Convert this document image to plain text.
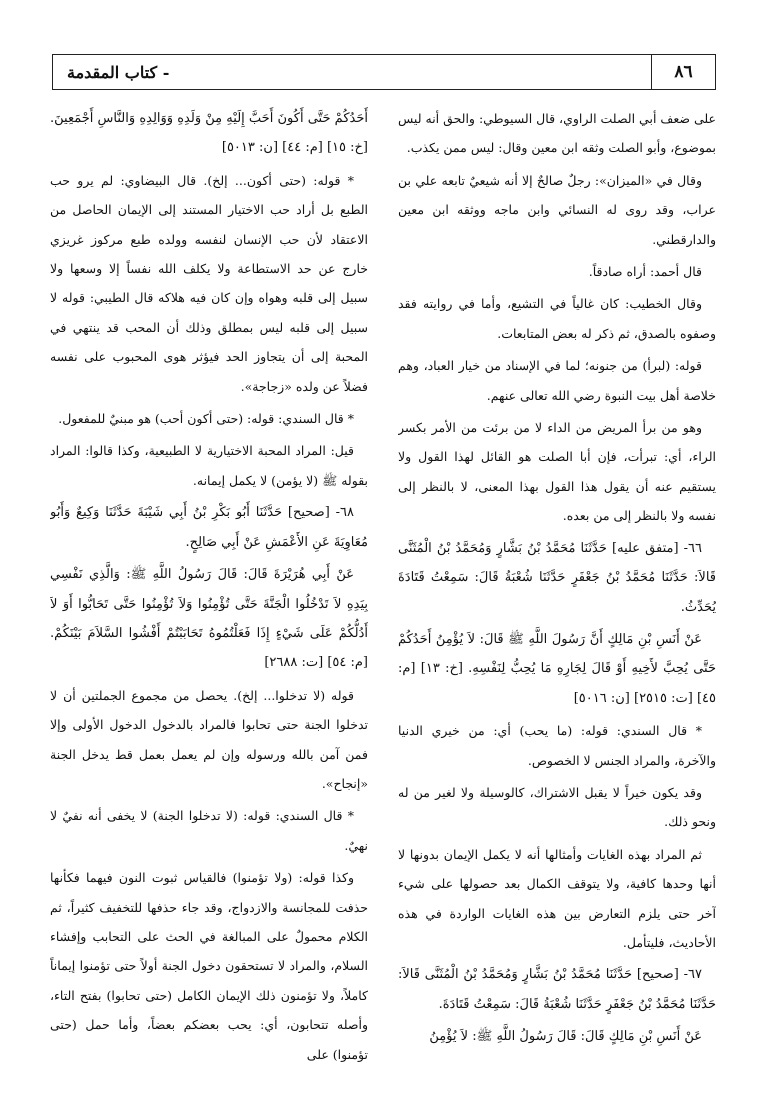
٨٦
- كتاب المقدمة

على ضعف أبي الصلت الراوي، قال السيوطي: والحق أنه ليس بموضوع، وأبو الصلت وثقه ابن معين وقال: ليس ممن يكذب.

وقال في «الميزان»: رجلٌ صالحٌ إلا أنه شيعيٌ تابعه علي بن عراب، وقد روى له النسائي وابن ماجه ووثقه ابن معين والدارقطني.

قال أحمد: أراه صادقاً.

وقال الخطيب: كان غالياً في التشيع، وأما في روايته فقد وصفوه بالصدق، ثم ذكر له بعض المتابعات.

قوله: (لبرأ) من جنونه؛ لما في الإسناد من خيار العباد، وهم خلاصة أهل بيت النبوة رضي الله تعالى عنهم.

وهو من برأ المريض من الداء لا من برئت من الأمر بكسر الراء، أي: تبرأت، فإن أبا الصلت هو القائل لهذا القول ولا يستقيم عنه أن يقول هذا القول بهذا المعنى، لا بالنظر إلى نفسه ولا بالنظر إلى من بعده.

٦٦- [متفق عليه] حَدَّثَنَا مُحَمَّدُ بْنُ بَشَّارٍ وَمُحَمَّدُ بْنُ الْمُثَنَّى قَالاَ: حَدَّثَنَا مُحَمَّدُ بْنُ جَعْفَرٍ حَدَّثَنَا شُعْبَةُ قَالَ: سَمِعْتُ قَتَادَةَ يُحَدِّثُ.

عَنْ أَنَسِ بْنِ مَالِكٍ أَنَّ رَسُولَ اللَّهِ ﷺ قَالَ: لاَ يُؤْمِنُ أَحَدُكُمْ حَتَّى يُحِبَّ لأَخِيهِ أَوْ قَالَ لِجَارِهِ مَا يُحِبُّ لِنَفْسِهِ. [خ: ١٣] [م: ٤٥] [ت: ٢٥١٥] [ن: ٥٠١٦]

* قال السندي: قوله: (ما يحب) أي: من خيري الدنيا والآخرة، والمراد الجنس لا الخصوص.

وقد يكون خيراً لا يقبل الاشتراك، كالوسيلة ولا لغير من له ونحو ذلك.

ثم المراد بهذه الغايات وأمثالها أنه لا يكمل الإيمان بدونها لا أنها وحدها كافية، ولا يتوقف الكمال بعد حصولها على شيء آخر حتى يلزم التعارض بين هذه الغايات الواردة في هذه الأحاديث، فليتأمل.

٦٧- [صحيح] حَدَّثَنَا مُحَمَّدُ بْنُ بَشَّارٍ وَمُحَمَّدُ بْنُ الْمُثَنَّى قَالاَ: حَدَّثَنَا مُحَمَّدُ بْنُ جَعْفَرٍ حَدَّثَنَا شُعْبَةُ قَالَ: سَمِعْتُ قَتَادَةَ.

عَنْ أَنَسِ بْنِ مَالِكٍ قَالَ: قَالَ رَسُولُ اللَّهِ ﷺ: لاَ يُؤْمِنُ

أَحَدُكُمْ حَتَّى أَكُونَ أَحَبَّ إِلَيْهِ مِنْ وَلَدِهِ وَوَالِدِهِ وَالنَّاسِ أَجْمَعِينَ. [خ: ١٥] [م: ٤٤] [ن: ٥٠١٣]

* قوله: (حتى أكون... إلخ). قال البيضاوي: لم يرو حب الطبع بل أراد حب الاختيار المستند إلى الإيمان الحاصل من الاعتقاد لأن حب الإنسان لنفسه وولده طبع مركوز غريزي خارج عن حد الاستطاعة ولا يكلف الله نفساً إلا وسعها ولا سبيل إلى قلبه وهواه وإن كان فيه هلاكه قال الطيبي: قوله لا سبيل إلى قلبه ليس بمطلق وذلك أن المحب قد ينتهي في المحبة إلى أن يتجاوز الحد فيؤثر هوى المحبوب على نفسه فضلاً عن ولده «زجاجة».

* قال السندي: قوله: (حتى أكون أحب) هو مبنيٌ للمفعول.

قيل: المراد المحبة الاختيارية لا الطبيعية، وكذا قالوا: المراد بقوله ﷺ (لا يؤمن) لا يكمل إيمانه.

٦٨- [صحيح] حَدَّثَنَا أَبُو بَكْرِ بْنُ أَبِي شَيْبَةَ حَدَّثَنَا وَكِيعٌ وَأَبُو مُعَاوِيَةَ عَنِ الأَعْمَشِ عَنْ أَبِي صَالِحٍ.

عَنْ أَبِي هُرَيْرَةَ قَالَ: قَالَ رَسُولُ اللَّهِ ﷺ: وَالَّذِي نَفْسِي بِيَدِهِ لاَ تَدْخُلُوا الْجَنَّةَ حَتَّى تُؤْمِنُوا وَلاَ تُؤْمِنُوا حَتَّى تَحَابُّوا أَوَ لاَ أَدُلُّكُمْ عَلَى شَيْءٍ إِذَا فَعَلْتُمُوهُ تَحَابَبْتُمْ أَفْشُوا السَّلاَمَ بَيْنَكُمْ. [م: ٥٤] [ت: ٢٦٨٨]

قوله (لا تدخلوا... إلخ). يحصل من مجموع الجملتين أن لا تدخلوا الجنة حتى تحابوا فالمراد بالدخول الدخول الأولى وإلا فمن آمن بالله ورسوله وإن لم يعمل بعمل قط يدخل الجنة «إنجاح».

* قال السندي: قوله: (لا تدخلوا الجنة) لا يخفى أنه نفيٌ لا نهيٌ.

وكذا قوله: (ولا تؤمنوا) فالقياس ثبوت النون فيهما فكأنها حذفت للمجانسة والازدواج، وقد جاء حذفها للتخفيف كثيراً، ثم الكلام محمولٌ على المبالغة في الحث على التحابب وإفشاء السلام، والمراد لا تستحقون دخول الجنة أولاً حتى تؤمنوا إيماناً كاملاً، ولا تؤمنون ذلك الإيمان الكامل (حتى تحابوا) بفتح التاء، وأصله تتحابون، أي: يحب بعضكم بعضاً، وأما حمل (حتى تؤمنوا) على
